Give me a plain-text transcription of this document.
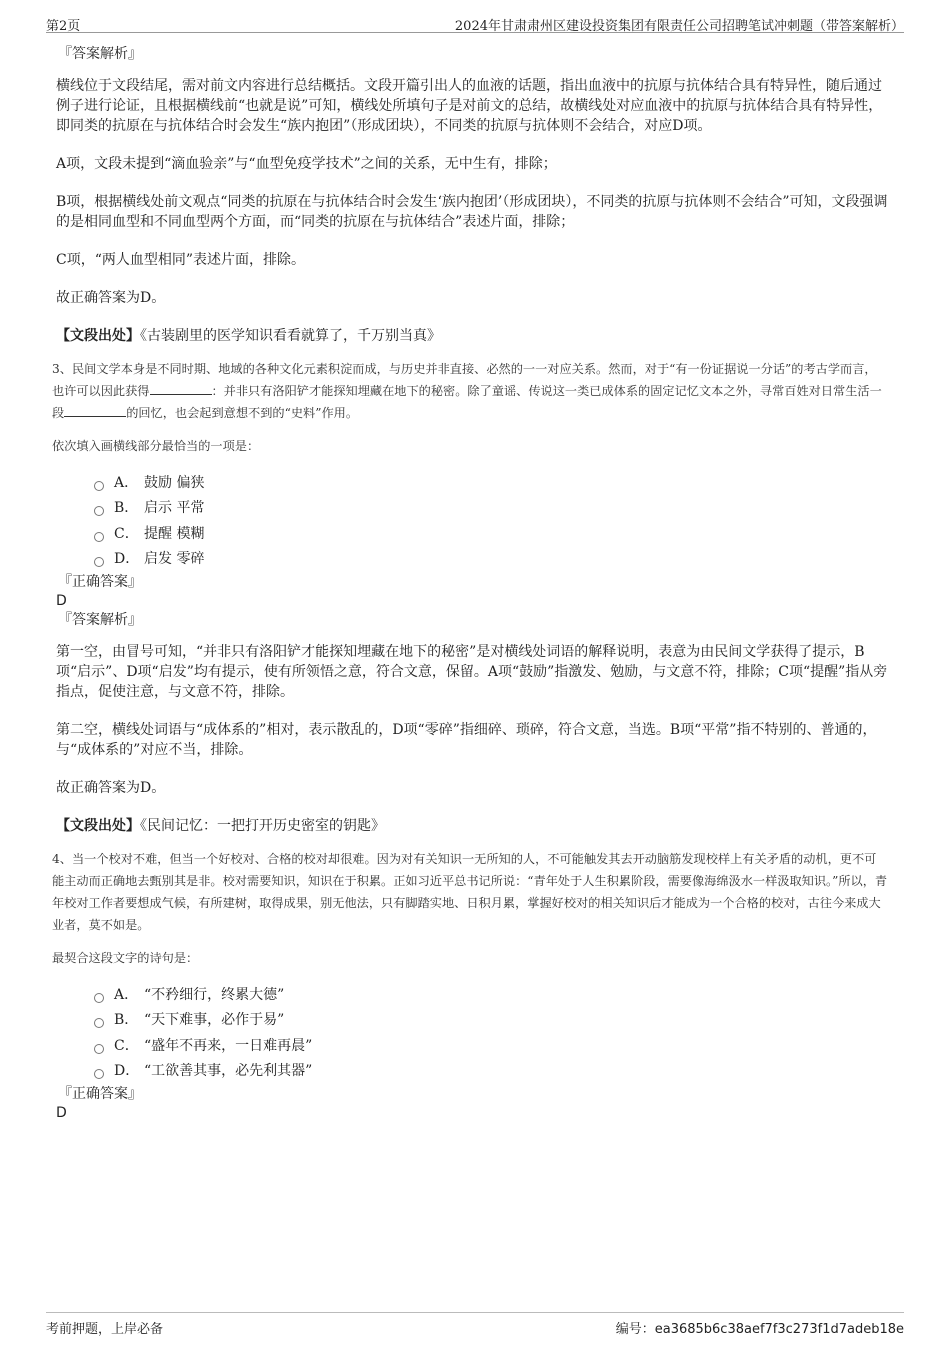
第2页	2024年甘肃肃州区建设投资集团有限责任公司招聘笔试冲刺题（带答案解析）
『答案解析』

横线位于文段结尾，需对前文内容进行总结概括。文段开篇引出人的血液的话题，指出血液中的抗原与抗体结合具有特异性，随后通过例子进行论证，且根据横线前“也就是说”可知，横线处所填句子是对前文的总结，故横线处对应血液中的抗原与抗体结合具有特异性，即同类的抗原在与抗体结合时会发生“族内抱团”（形成团块），不同类的抗原与抗体则不会结合，对应D项。

A项，文段未提到“滴血验亲”与“血型免疫学技术”之间的关系，无中生有，排除；

B项，根据横线处前文观点“同类的抗原在与抗体结合时会发生‘族内抱团’（形成团块），不同类的抗原与抗体则不会结合”可知，文段强调的是相同血型和不同血型两个方面，而“同类的抗原在与抗体结合”表述片面，排除；

C项，“两人血型相同”表述片面，排除。

故正确答案为D。

【文段出处】《古装剧里的医学知识看看就算了，千万别当真》

3、民间文学本身是不同时期、地域的各种文化元素积淀而成，与历史并非直接、必然的一一对应关系。然而，对于“有一份证据说一分话”的考古学而言，也许可以因此获得	：并非只有洛阳铲才能探知埋藏在地下的秘密。除了童谣、传说这一类已成体系的固定记忆文本之外，寻常百姓对日常生活一段	的回忆，也会起到意想不到的“史料”作用。
依次填入画横线部分最恰当的一项是：
A． 鼓励 偏狭
B． 启示 平常
C． 提醒 模糊
D． 启发 零碎
『正确答案』
D
『答案解析』

第一空，由冒号可知，“并非只有洛阳铲才能探知埋藏在地下的秘密”是对横线处词语的解释说明，表意为由民间文学获得了提示，B项“启示”、D项“启发”均有提示，使有所领悟之意，符合文意，保留。A项“鼓励”指激发、勉励，与文意不符，排除；C项“提醒”指从旁指点，促使注意，与文意不符，排除。

第二空，横线处词语与“成体系的”相对，表示散乱的，D项“零碎”指细碎、琐碎，符合文意，当选。B项“平常”指不特别的、普通的，与“成体系的”对应不当，排除。

故正确答案为D。

【文段出处】《民间记忆：一把打开历史密室的钥匙》

4、当一个校对不难，但当一个好校对、合格的校对却很难。因为对有关知识一无所知的人，不可能触发其去开动脑筋发现校样上有关矛盾的动机，更不可能主动而正确地去甄别其是非。校对需要知识，知识在于积累。正如习近平总书记所说：“青年处于人生积累阶段，需要像海绵汲水一样汲取知识。”所以，青年校对工作者要想成气候，有所建树，取得成果，别无他法，只有脚踏实地、日积月累，掌握好校对的相关知识后才能成为一个合格的校对，古往今来成大业者，莫不如是。
最契合这段文字的诗句是：
A． “不矜细行，终累大德”
B． “天下难事，必作于易”
C． “盛年不再来，一日难再晨”
D． “工欲善其事，必先利其器”
『正确答案』
D
考前押题，上岸必备	编号：ea3685b6c38aef7f3c273f1d7adeb18e
